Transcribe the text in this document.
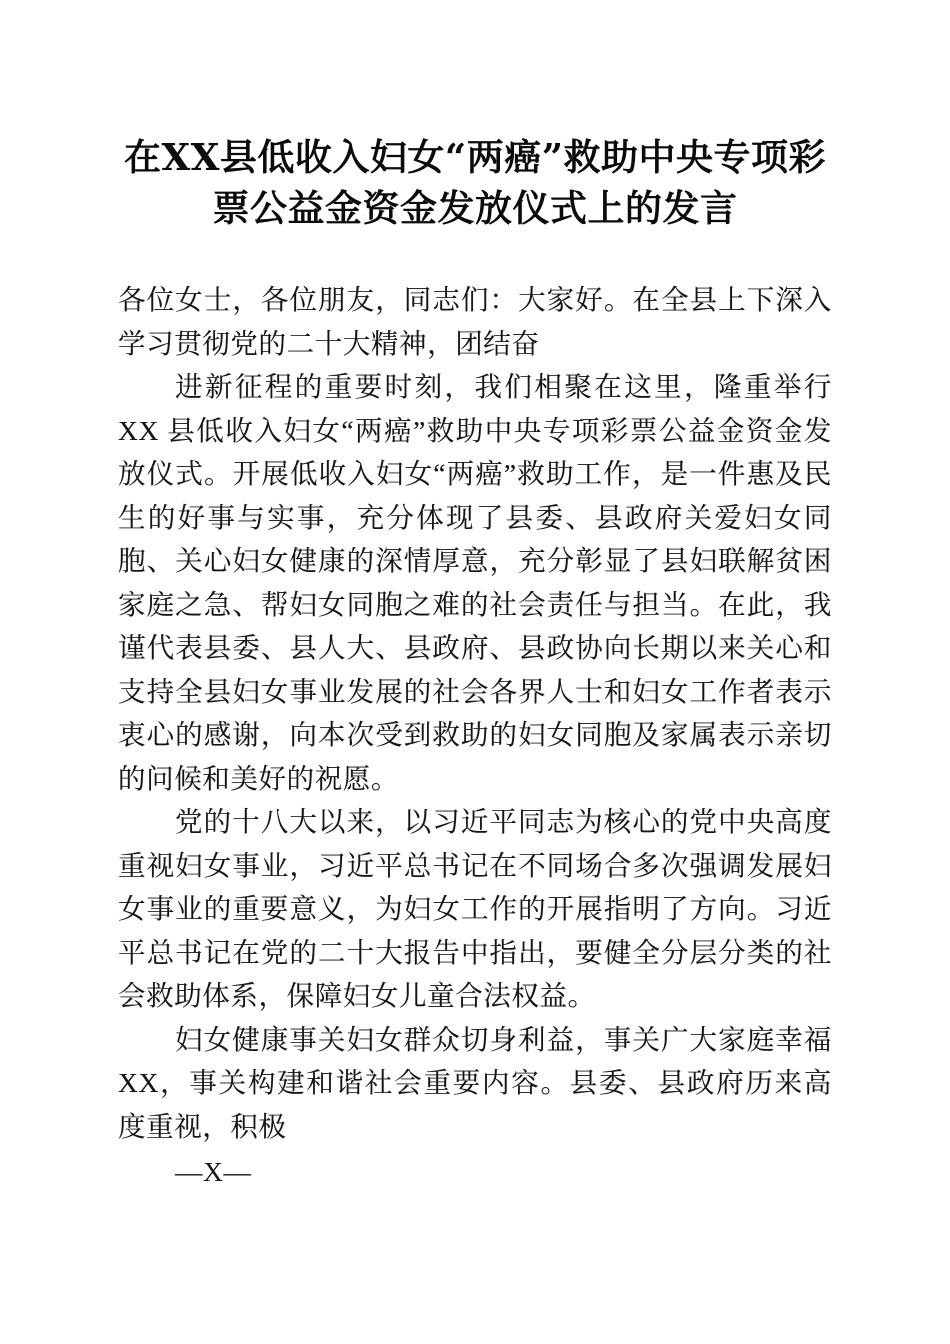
在XX县低收入妇女“两癌”救助中央专项彩
票公益金资金发放仪式上的发言

各位女士，各位朋友，同志们：大家好。在全县上下深入学习贯彻党的二十大精神，团结奋

进新征程的重要时刻，我们相聚在这里，隆重举行 XX 县低收入妇女“两癌”救助中央专项彩票公益金资金发放仪式。开展低收入妇女“两癌”救助工作，是一件惠及民生的好事与实事，充分体现了县委、县政府关爱妇女同胞、关心妇女健康的深情厚意，充分彰显了县妇联解贫困家庭之急、帮妇女同胞之难的社会责任与担当。在此，我谨代表县委、县人大、县政府、县政协向长期以来关心和支持全县妇女事业发展的社会各界人士和妇女工作者表示衷心的感谢，向本次受到救助的妇女同胞及家属表示亲切的问候和美好的祝愿。

党的十八大以来，以习近平同志为核心的党中央高度重视妇女事业，习近平总书记在不同场合多次强调发展妇女事业的重要意义，为妇女工作的开展指明了方向。习近平总书记在党的二十大报告中指出，要健全分层分类的社会救助体系，保障妇女儿童合法权益。

妇女健康事关妇女群众切身利益，事关广大家庭幸福 XX，事关构建和谐社会重要内容。县委、县政府历来高度重视，积极

—X—
